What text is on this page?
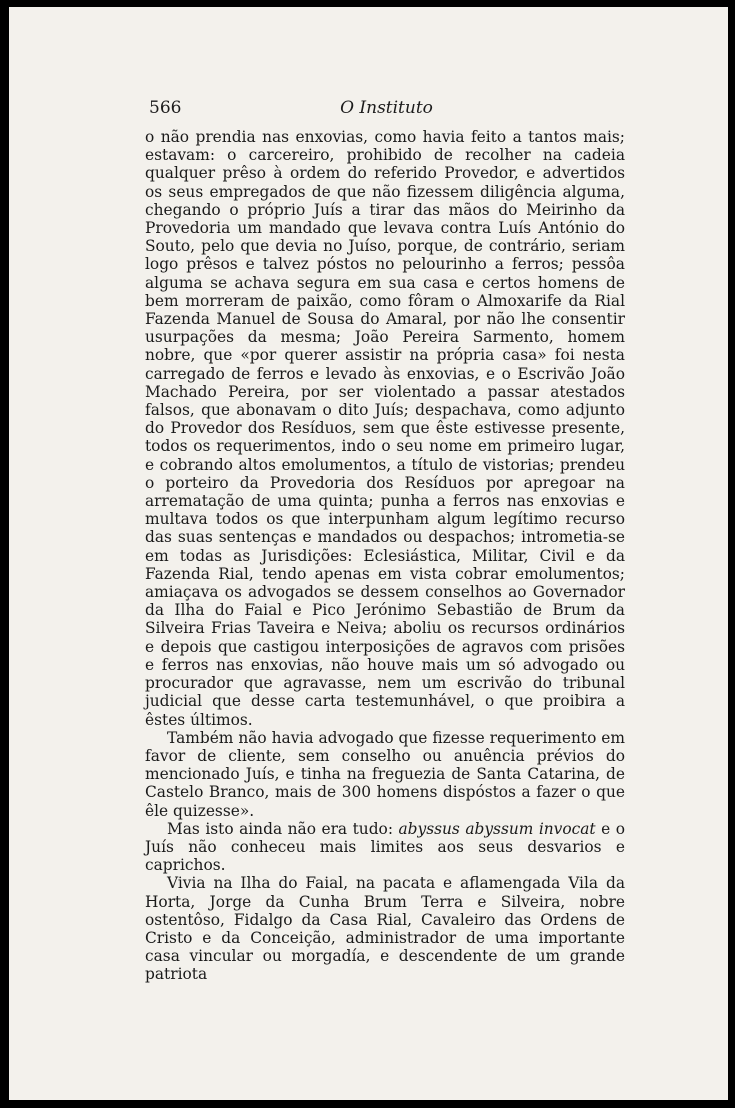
566	O Instituto

o não prendia nas enxovias, como havia feito a tantos mais; estavam: o carcereiro, prohibido de recolher na cadeia qualquer prêso à ordem do referido Provedor, e advertidos os seus empregados de que não fizessem diligência alguma, chegando o próprio Juís a tirar das mãos do Meirinho da Provedoria um mandado que levava contra Luís António do Souto, pelo que devia no Juíso, porque, de contrário, seriam logo prêsos e talvez póstos no pelourinho a ferros; pessôa alguma se achava segura em sua casa e certos homens de bem morreram de paixão, como fôram o Almoxarife da Rial Fazenda Manuel de Sousa do Amaral, por não lhe consentir usurpações da mesma; João Pereira Sarmento, homem nobre, que «por querer assistir na própria casa» foi nesta carregado de ferros e levado às enxovias, e o Escrivão João Machado Pereira, por ser violentado a passar atestados falsos, que abonavam o dito Juís; despachava, como adjunto do Provedor dos Resíduos, sem que êste estivesse presente, todos os requerimentos, indo o seu nome em primeiro lugar, e cobrando altos emolumentos, a título de vistorias; prendeu o porteiro da Provedoria dos Resíduos por apregoar na arrematação de uma quinta; punha a ferros nas enxovias e multava todos os que interpunham algum legítimo recurso das suas sentenças e mandados ou despachos; intrometia-se em todas as Jurisdições: Eclesiástica, Militar, Civil e da Fazenda Rial, tendo apenas em vista cobrar emolumentos; amiaçava os advogados se dessem conselhos ao Governador da Ilha do Faial e Pico Jerónimo Sebastião de Brum da Silveira Frias Taveira e Neiva; aboliu os recursos ordinários e depois que castigou interposições de agravos com prisões e ferros nas enxovias, não houve mais um só advogado ou procurador que agravasse, nem um escrivão do tribunal judicial que desse carta testemunhável, o que proibira a êstes últimos.

Também não havia advogado que fizesse requerimento em favor de cliente, sem conselho ou anuência prévios do mencionado Juís, e tinha na freguezia de Santa Catarina, de Castelo Branco, mais de 300 homens dispóstos a fazer o que êle quizesse».

Mas isto ainda não era tudo: abyssus abyssum invocat e o Juís não conheceu mais limites aos seus desvarios e caprichos.

Vivia na Ilha do Faial, na pacata e aflamengada Vila da Horta, Jorge da Cunha Brum Terra e Silveira, nobre ostentôso, Fidalgo da Casa Rial, Cavaleiro das Ordens de Cristo e da Conceição, administrador de uma importante casa vincular ou morgadía, e descendente de um grande patriota
